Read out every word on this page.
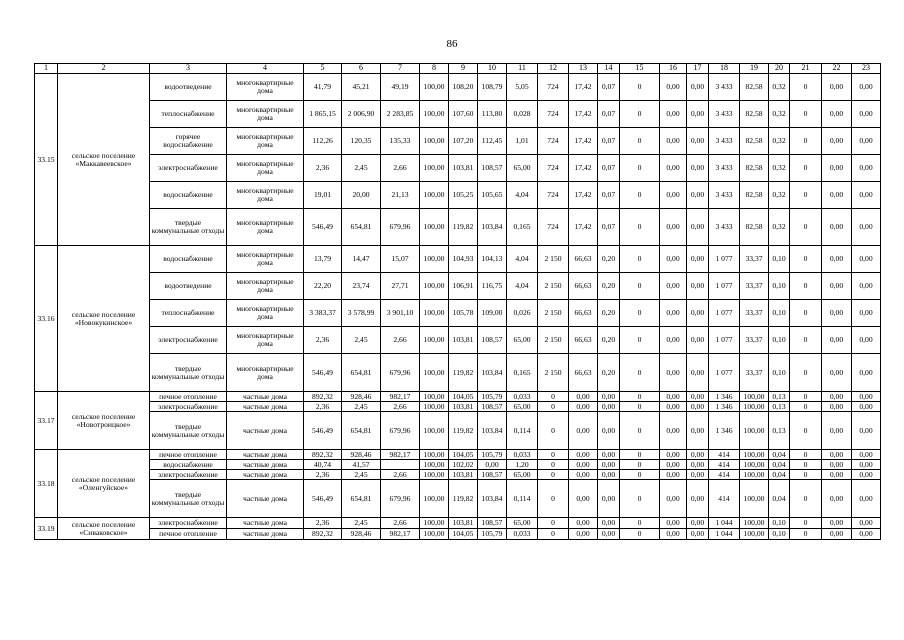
86
1	2	3	4	5	6	7	8	9	10	11	12	13	14	15	16	17	18	19	20	21	22	23
33.15	сельское поселение «Маккавеевское»	водоотведение	многоквартирные дома	41,79	45,21	49,19	100,00	108,20	108,79	5,05	724	17,42	0,07	0	0,00	0,00	3 433	82,58	0,32	0	0,00	0,00
		теплоснабжение	многоквартирные дома	1 865,15	2 006,90	2 283,85	100,00	107,60	113,80	0,028	724	17,42	0,07	0	0,00	0,00	3 433	82,58	0,32	0	0,00	0,00
		горячее водоснабжение	многоквартирные дома	112,26	120,35	135,33	100,00	107,20	112,45	1,01	724	17,42	0,07	0	0,00	0,00	3 433	82,58	0,32	0	0,00	0,00
		электроснабжение	многоквартирные дома	2,36	2,45	2,66	100,00	103,81	108,57	65,00	724	17,42	0,07	0	0,00	0,00	3 433	82,58	0,32	0	0,00	0,00
		водоснабжение	многоквартирные дома	19,01	20,00	21,13	100,00	105,25	105,65	4,04	724	17,42	0,07	0	0,00	0,00	3 433	82,58	0,32	0	0,00	0,00
		твердые коммунальные отходы	многоквартирные дома	546,49	654,81	679,96	100,00	119,82	103,84	0,165	724	17,42	0,07	0	0,00	0,00	3 433	82,58	0,32	0	0,00	0,00
33.16	сельское поселение «Новокукинское»	водоснабжение	многоквартирные дома	13,79	14,47	15,07	100,00	104,93	104,13	4,04	2 150	66,63	0,20	0	0,00	0,00	1 077	33,37	0,10	0	0,00	0,00
		водоотведение	многоквартирные дома	22,20	23,74	27,71	100,00	106,91	116,75	4,04	2 150	66,63	0,20	0	0,00	0,00	1 077	33,37	0,10	0	0,00	0,00
		теплоснабжение	многоквартирные дома	3 383,37	3 578,99	3 901,10	100,00	105,78	109,00	0,026	2 150	66,63	0,20	0	0,00	0,00	1 077	33,37	0,10	0	0,00	0,00
		электроснабжение	многоквартирные дома	2,36	2,45	2,66	100,00	103,81	108,57	65,00	2 150	66,63	0,20	0	0,00	0,00	1 077	33,37	0,10	0	0,00	0,00
		твердые коммунальные отходы	многоквартирные дома	546,49	654,81	679,96	100,00	119,82	103,84	0,165	2 150	66,63	0,20	0	0,00	0,00	1 077	33,37	0,10	0	0,00	0,00
33.17	сельское поселение «Новотроицкое»	печное отопление	частные дома	892,32	928,46	982,17	100,00	104,05	105,79	0,033	0	0,00	0,00	0	0,00	0,00	1 346	100,00	0,13	0	0,00	0,00
		электроснабжение	частные дома	2,36	2,45	2,66	100,00	103,81	108,57	65,00	0	0,00	0,00	0	0,00	0,00	1 346	100,00	0,13	0	0,00	0,00
		твердые коммунальные отходы	частные дома	546,49	654,81	679,96	100,00	119,82	103,84	0,114	0	0,00	0,00	0	0,00	0,00	1 346	100,00	0,13	0	0,00	0,00
33.18	сельское поселение «Оленгуйское»	печное отопление	частные дома	892,32	928,46	982,17	100,00	104,05	105,79	0,033	0	0,00	0,00	0	0,00	0,00	414	100,00	0,04	0	0,00	0,00
		водоснабжение	частные дома	40,74	41,57		100,00	102,02	0,00	1,20	0	0,00	0,00	0	0,00	0,00	414	100,00	0,04	0	0,00	0,00
		электроснабжение	частные дома	2,36	2,45	2,66	100,00	103,81	108,57	65,00	0	0,00	0,00	0	0,00	0,00	414	100,00	0,04	0	0,00	0,00
		твердые коммунальные отходы	частные дома	546,49	654,81	679,96	100,00	119,82	103,84	0,114	0	0,00	0,00	0	0,00	0,00	414	100,00	0,04	0	0,00	0,00
33.19	сельское поселение «Сиваковское»	электроснабжение	частные дома	2,36	2,45	2,66	100,00	103,81	108,57	65,00	0	0,00	0,00	0	0,00	0,00	1 044	100,00	0,10	0	0,00	0,00
		печное отопление	частные дома	892,32	928,46	982,17	100,00	104,05	105,79	0,033	0	0,00	0,00	0	0,00	0,00	1 044	100,00	0,10	0	0,00	0,00
